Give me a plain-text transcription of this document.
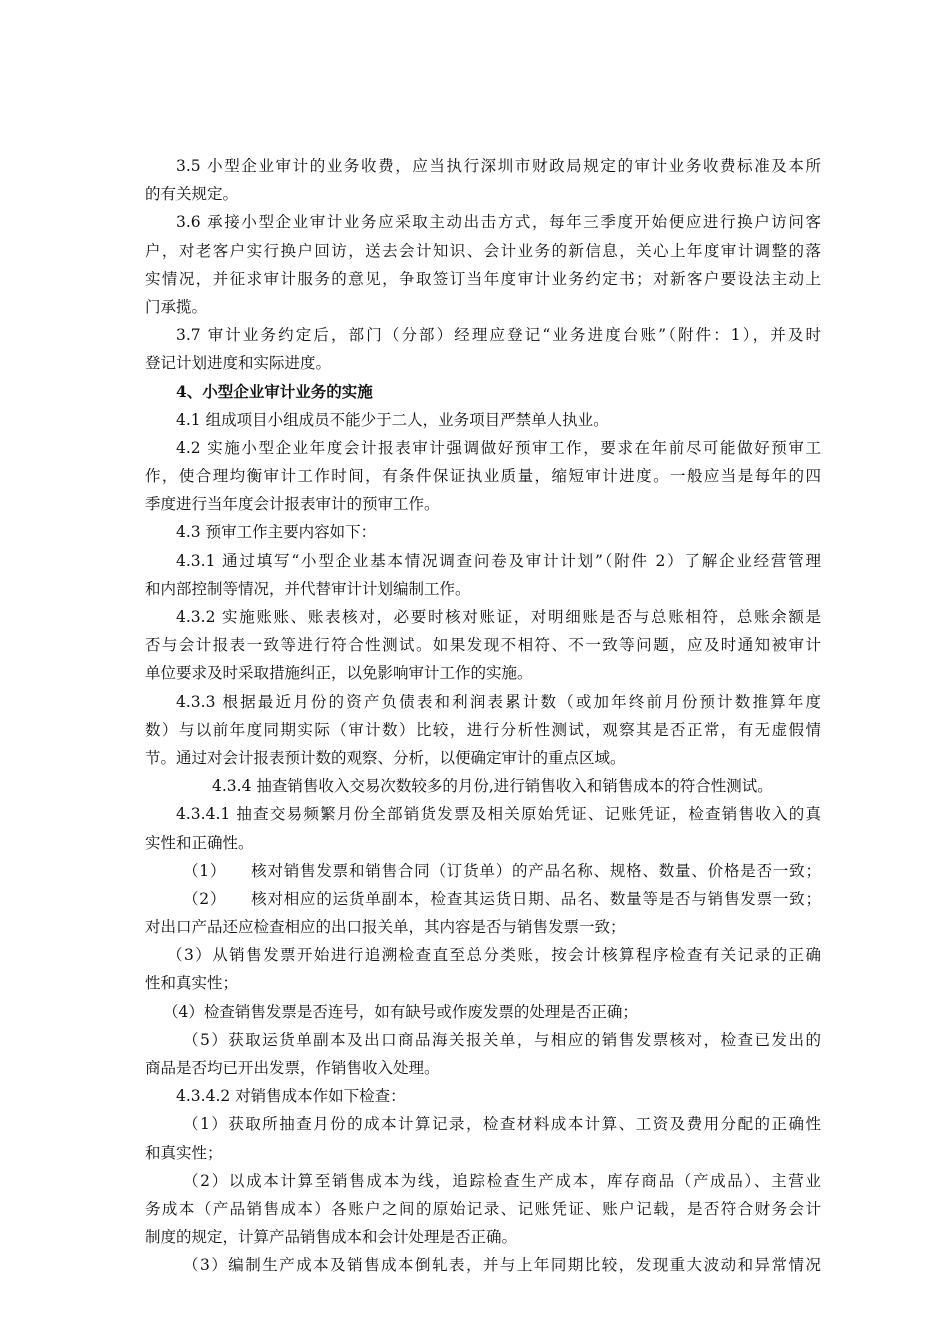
3.5 小型企业审计的业务收费，应当执行深圳市财政局规定的审计业务收费标准及本所
的有关规定。
3.6 承接小型企业审计业务应采取主动出击方式，每年三季度开始便应进行换户访问客
户，对老客户实行换户回访，送去会计知识、会计业务的新信息，关心上年度审计调整的落
实情况，并征求审计服务的意见，争取签订当年度审计业务约定书；对新客户要设法主动上
门承揽。
3.7 审计业务约定后，部门（分部）经理应登记“业务进度台账”（附件：1），并及时
登记计划进度和实际进度。
4、小型企业审计业务的实施
4.1 组成项目小组成员不能少于二人，业务项目严禁单人执业。
4.2 实施小型企业年度会计报表审计强调做好预审工作，要求在年前尽可能做好预审工
作，使合理均衡审计工作时间，有条件保证执业质量，缩短审计进度。一般应当是每年的四
季度进行当年度会计报表审计的预审工作。
4.3 预审工作主要内容如下：
4.3.1 通过填写“小型企业基本情况调查问卷及审计计划”（附件 2）了解企业经营管理
和内部控制等情况，并代替审计计划编制工作。
4.3.2 实施账账、账表核对，必要时核对账证，对明细账是否与总账相符，总账余额是
否与会计报表一致等进行符合性测试。如果发现不相符、不一致等问题，应及时通知被审计
单位要求及时采取措施纠正，以免影响审计工作的实施。
4.3.3 根据最近月份的资产负债表和利润表累计数（或加年终前月份预计数推算年度
数）与以前年度同期实际（审计数）比较，进行分析性测试，观察其是否正常，有无虚假情
节。通过对会计报表预计数的观察、分析，以便确定审计的重点区域。
4.3.4 抽查销售收入交易次数较多的月份,进行销售收入和销售成本的符合性测试。
4.3.4.1 抽查交易频繁月份全部销货发票及相关原始凭证、记账凭证，检查销售收入的真
实性和正确性。
（1）　　核对销售发票和销售合同（订货单）的产品名称、规格、数量、价格是否一致；
（2）　　核对相应的运货单副本，检查其运货日期、品名、数量等是否与销售发票一致；
对出口产品还应检查相应的出口报关单，其内容是否与销售发票一致；
（3）从销售发票开始进行追溯检查直至总分类账，按会计核算程序检查有关记录的正确
性和真实性；
（4）检查销售发票是否连号，如有缺号或作废发票的处理是否正确；
（5）获取运货单副本及出口商品海关报关单，与相应的销售发票核对，检查已发出的
商品是否均已开出发票，作销售收入处理。
4.3.4.2 对销售成本作如下检查：
（1）获取所抽查月份的成本计算记录，检查材料成本计算、工资及费用分配的正确性
和真实性；
（2）以成本计算至销售成本为线，追踪检查生产成本，库存商品（产成品）、主营业
务成本（产品销售成本）各账户之间的原始记录、记账凭证、账户记载，是否符合财务会计
制度的规定，计算产品销售成本和会计处理是否正确。
（3）编制生产成本及销售成本倒轧表，并与上年同期比较，发现重大波动和异常情况
